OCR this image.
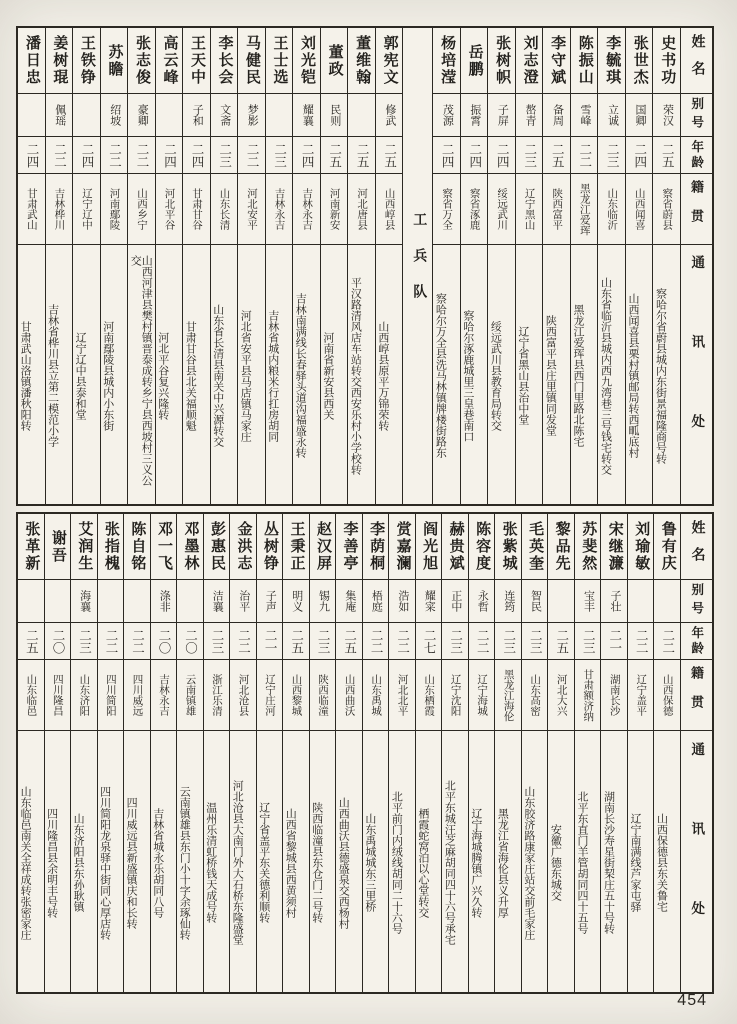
姓名
别号
年龄
籍贯
通讯处
史书功
荣汉
二五
察省蔚县
察哈尔省蔚县城内东街景福隆商号转
张世杰
国卿
二四
山西闻喜
山西闻喜县栗村镇邮局转西畖底村
李毓琪
立诚
二三
山东临沂
山东省临沂县城内西九湾巷三号钱宅转交
陈振山
雪峰
二二
黑龙江爱珲
黑龙江爱珲县西门里路北陈宅
李守斌
备周
二五
陕西富平
陕西富平县庄里镇同发堂
刘志澄
嶅青
二三
辽宁黑山
辽宁省黑山县治中堂
张树帜
子屏
二四
绥远武川
绥远武川县教育局转交
岳鹏
振霄
二四
察省涿鹿
察哈尔涿鹿城里三皇巷南口
杨培滢
茂源
二四
察省万全
察哈尔万全县洗马林镇牌楼街路东
工兵队
郭宪文
修武
二五
山西崞县
山西崞县原平万锦荣转
董维翰
二五
河北唐县
平汉路清风店车站转交西安乐村小学校转
董政
民则
二五
河南新安
河南省新安县西关
刘光铠
耀襄
二四
吉林永吉
吉林南满线长春驿头道沟福盛永转
王士选
二三
吉林永吉
吉林省城内粮米行扛房胡同
马健民
梦影
二二
河北安平
河北省安平县马店镇马家庄
李长会
文斋
二三
山东长清
山东省长清县南关中兴源转交
王天中
子和
二四
甘肃甘谷
甘肃甘谷县北关福顺魁
高云峰
二四
河北平谷
河北平谷复兴隆转
张志俊
豪卿
二二
山西乡宁
山西河津县樊村镇晋泰成转乡宁县西坡村三义公交
苏瞻
绍坡
二二
河南鄢陵
河南鄢陵县城内小东街
王铁铮
二四
辽宁辽中
辽宁辽中县泰和堂
姜树琨
佩瑶
二二
吉林桦川
吉林省桦川县立第二模范小学
潘日忠
二四
甘肃武山
甘肃武山洛镇潘秋阳转
姓名
别号
年龄
籍贯
通讯处
鲁有庆
二二
山西保德
山西保德县东关鲁宅
刘瑜敏
二二
辽宁盖平
辽宁南满线芦家屯驿
宋继濂
子壮
二一
湖南长沙
湖南长沙寿星街栔庄五十号转
苏斐然
宝丰
二三
甘肃额济纳
北平东直门羊管胡同四十五号
黎品先
二五
河北大兴
安徽广德东城交
毛英奎
智民
二三
山东高密
山东胶济路康家庄站交前毛家庄
张紫城
连筠
二三
黑龙江海伦
黑龙江省海伦县义升厚
陈容度
永哲
二二
辽宁海城
辽宁海城腾镇广兴久转
赫贵斌
正中
二三
辽宁沈阳
北平东城汪芝麻胡同四十六号承宅
阎光旭
耀寀
二七
山东栖霞
栖霞蛇窝泊以心堂转交
赏嘉澜
浩如
二二
河北北平
北平前门内绒线胡同二十六号
李荫桐
梧庭
二二
山东禹城
山东禹城城东三里桥
李善亭
集庵
二五
山西曲沃
山西曲沃县德盛泉交西杨村
赵汉屏
锡九
二三
陕西临潼
陕西临潼县东仓门二号转
王秉正
明义
二五
山西黎城
山西省黎城县西黄须村
丛树铮
子声
二一
辽宁庄河
辽宁省盖平东关德利顺转
金洪志
治平
二二
河北沧县
河北沧县大南门外大石桥东隆盛堂
彭惠民
洁襄
二三
浙江乐清
温州乐清虹桥钱天成号转
邓墨林
二〇
云南镇雄
云南镇雄县东门小十字余琢仙转
邓一飞
涤非
二〇
吉林永吉
吉林省城永乐胡同八号
陈自铭
二二
四川威远
四川威远县新盛镇庆和长转
张指槐
二二
四川简阳
四川简阳龙泉驿中街同心厚店转
艾润生
海襄
二三
山东济阳
山东济阳县东孙耿镇
谢吾
二〇
四川隆昌
四川隆昌县余明丰号转
张革新
二五
山东临邑
山东临邑南关全祥成转张密家庄
454
